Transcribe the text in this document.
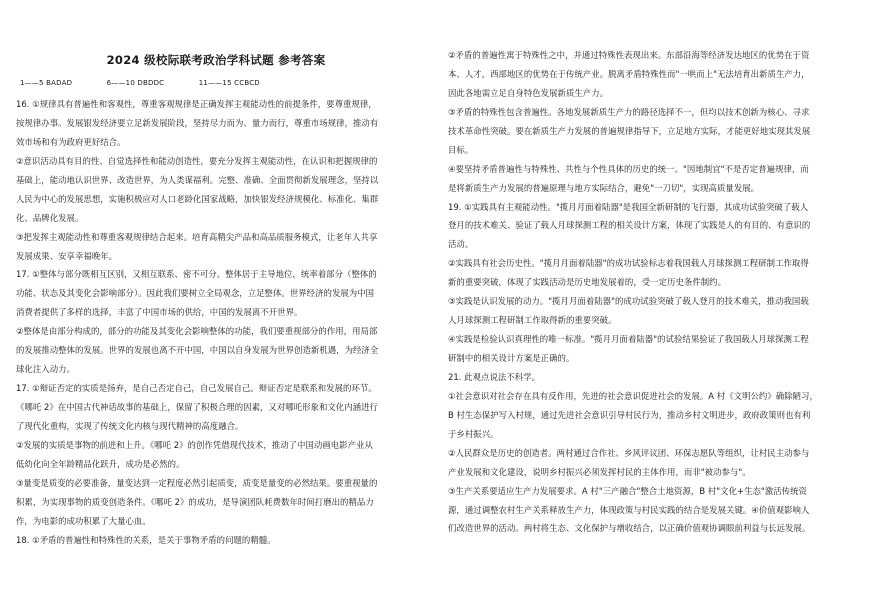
2024 级校际联考政治学科试题 参考答案
1——5 BADAD	6——10 DBDDC	11——15 CCBCD
16. ①规律具有普遍性和客观性，尊重客观规律是正确发挥主观能动性的前提条件，要尊重规律，
按规律办事。发展银发经济要立足新发展阶段，坚持尽力而为、量力而行，尊重市场规律，推动有
效市场和有为政府更好结合。
②意识活动具有目的性、自觉选择性和能动创造性，要充分发挥主观能动性，在认识和把握规律的
基础上，能动地认识世界、改造世界，为人类谋福利。完整、准确、全面贯彻新发展理念，坚持以
人民为中心的发展思想，实施积极应对人口老龄化国家战略，加快银发经济规模化、标准化、集群
化、品牌化发展。
③把发挥主观能动性和尊重客观规律结合起来。培育高精尖产品和高品质服务模式，让老年人共享
发展成果、安享幸福晚年。
17. ①整体与部分既相互区别，又相互联系、密不可分。整体居于主导地位，统率着部分（整体的
功能、状态及其变化会影响部分）。因此我们要树立全局观念，立足整体。世界经济的发展为中国
消费者提供了多样的选择，丰富了中国市场的供给，中国的发展离不开世界。
②整体是由部分构成的，部分的功能及其变化会影响整体的功能，我们要重视部分的作用，用局部
的发展推动整体的发展。世界的发展也离不开中国，中国以自身发展为世界创造新机遇，为经济全
球化注入动力。
17. ①辩证否定的实质是扬弃，是自己否定自己，自己发展自己。辩证否定是联系和发展的环节。
《哪吒 2》在中国古代神话故事的基础上，保留了积极合理的因素，又对哪吒形象和文化内涵进行
了现代化重构，实现了传统文化内核与现代精神的高度融合。
②发展的实质是事物的前进和上升。《哪吒 2》的创作凭借现代技术，推动了中国动画电影产业从
低幼化向全年龄精品化跃升，成功是必然的。
③量变是质变的必要准备，量变达到一定程度必然引起质变，质变是量变的必然结果。要重视量的
积累，为实现事物的质变创造条件。《哪吒 2》的成功，是导演团队耗费数年时间打磨出的精品力
作，为电影的成功积累了大量心血。
18. ①矛盾的普遍性和特殊性的关系，是关于事物矛盾的问题的精髓。
②矛盾的普遍性寓于特殊性之中，并通过特殊性表现出来。东部沿海等经济发达地区的优势在于资
本、人才，西部地区的优势在于传统产业。脱离矛盾特殊性而"一哄而上"无法培育出新质生产力，
因此各地需立足自身特色发展新质生产力。
③矛盾的特殊性包含普遍性。各地发展新质生产力的路径选择不一，但均以技术创新为核心、寻求
技术革命性突破。要在新质生产力发展的普遍规律指导下，立足地方实际，才能更好地实现其发展
目标。
④要坚持矛盾普遍性与特殊性、共性与个性具体的历史的统一。"因地制宜"不是否定普遍规律，而
是将新质生产力发展的普遍原理与地方实际结合，避免"一刀切"，实现高质量发展。
19. ①实践具有主观能动性。"揽月月面着陆器"是我国全新研制的飞行器，其成功试验突破了载人
登月的技术难关、验证了载人月球探测工程的相关设计方案，体现了实践是人的有目的、有意识的
活动。
②实践具有社会历史性。"揽月月面着陆器"的成功试验标志着我国载人月球探测工程研制工作取得
新的重要突破，体现了实践活动是历史地发展着的，受一定历史条件制约。
③实践是认识发展的动力。"揽月月面着陆器"的成功试验突破了载人登月的技术难关，推动我国载
人月球探测工程研制工作取得新的重要突破。
④实践是检验认识真理性的唯一标准。"揽月月面着陆器"的试验结果验证了我国载人月球探测工程
研制中的相关设计方案是正确的。
21. 此观点说法不科学。
①社会意识对社会存在具有反作用，先进的社会意识促进社会的发展。A 村《文明公约》确除陋习，
B 村生态保护写入村规，通过先进社会意识引导村民行为，推动乡村文明进步，政府政策则也有利
于乡村振兴。
②人民群众是历史的创造者。两村通过合作社、乡风评议团、环保志愿队等组织，让村民主动参与
产业发展和文化建设，说明乡村振兴必须发挥村民的主体作用，而非"被动参与"。
③生产关系要适应生产力发展要求。A 村"三产融合"整合土地资源，B 村"文化+生态"激活传统资
源，通过调整农村生产关系释放生产力，体现政策与村民实践的结合是发展关键。④价值观影响人
们改造世界的活动。两村将生态、文化保护与增收结合，以正确价值观协调眼前利益与长远发展。
